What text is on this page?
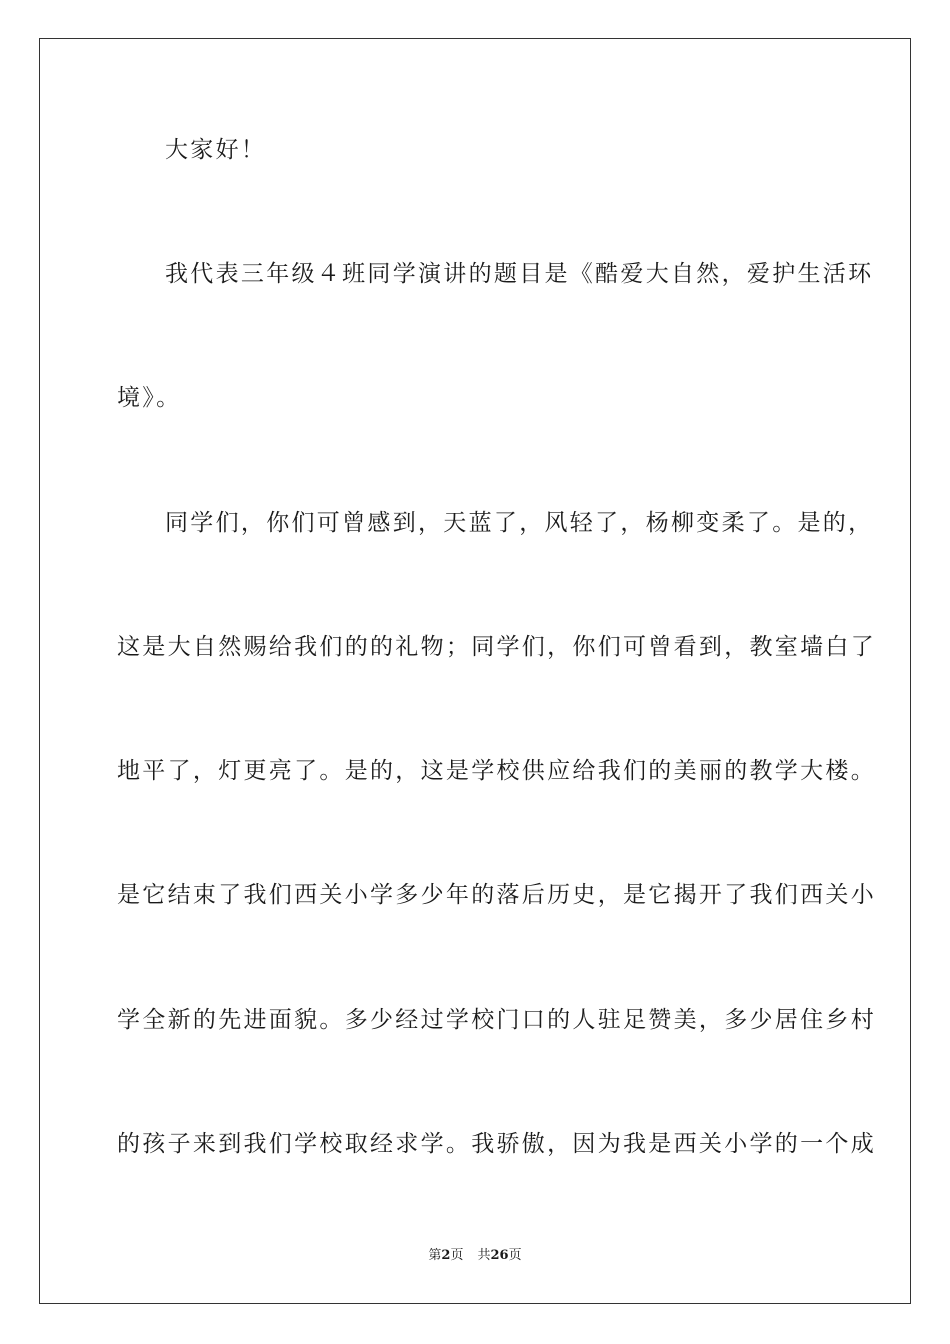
大家好！
我代表三年级４班同学演讲的题目是《酷爱大自然，爱护生活环
境》。
同学们，你们可曾感到，天蓝了，风轻了，杨柳变柔了。是的，
这是大自然赐给我们的的礼物；同学们，你们可曾看到，教室墙白了
地平了，灯更亮了。是的，这是学校供应给我们的美丽的教学大楼。
是它结束了我们西关小学多少年的落后历史，是它揭开了我们西关小
学全新的先进面貌。多少经过学校门口的人驻足赞美，多少居住乡村
的孩子来到我们学校取经求学。我骄傲，因为我是西关小学的一个成
第2页 共26页
